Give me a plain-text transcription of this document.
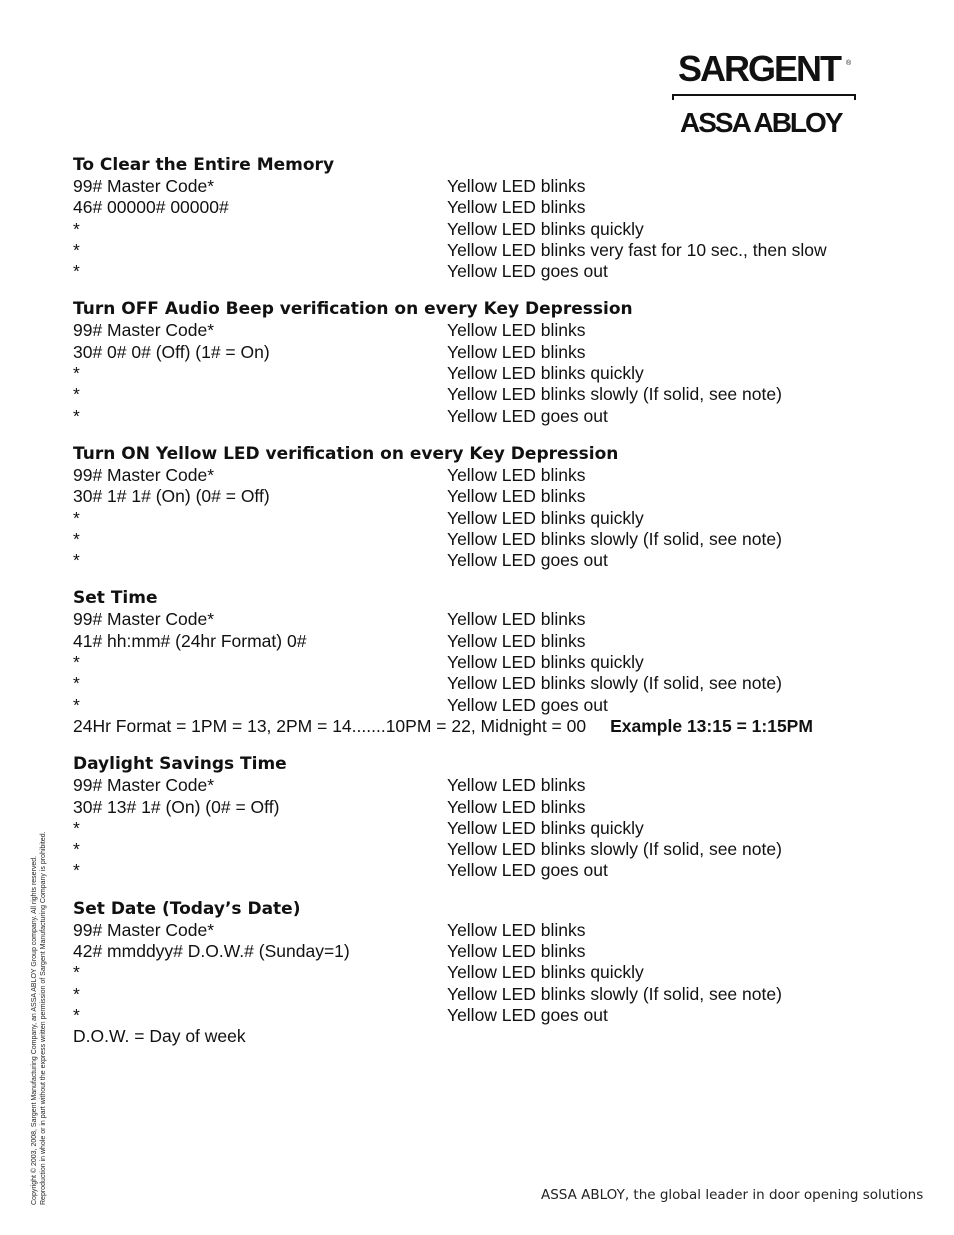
SARGENT ®
ASSA ABLOY
To Clear the Entire Memory
99# Master Code*	Yellow LED blinks
46# 00000# 00000#	Yellow LED blinks
*	Yellow LED blinks quickly
*	Yellow LED blinks very fast for 10 sec., then slow
*	Yellow LED goes out
Turn OFF Audio Beep verification on every Key Depression
99# Master Code*	Yellow LED blinks
30# 0# 0# (Off) (1# = On)	Yellow LED blinks
*	Yellow LED blinks quickly
*	Yellow LED blinks slowly (If solid, see note)
*	Yellow LED goes out
Turn ON Yellow LED verification on every Key Depression
99# Master Code*	Yellow LED blinks
30# 1# 1# (On) (0# = Off)	Yellow LED blinks
*	Yellow LED blinks quickly
*	Yellow LED blinks slowly (If solid, see note)
*	Yellow LED goes out
Set Time
99# Master Code*	Yellow LED blinks
41# hh:mm# (24hr Format) 0#	Yellow LED blinks
*	Yellow LED blinks quickly
*	Yellow LED blinks slowly (If solid, see note)
*	Yellow LED goes out
24Hr Format = 1PM = 13, 2PM = 14.......10PM = 22, Midnight = 00 Example 13:15 = 1:15PM
Daylight Savings Time
99# Master Code*	Yellow LED blinks
30# 13# 1# (On) (0# = Off)	Yellow LED blinks
*	Yellow LED blinks quickly
*	Yellow LED blinks slowly (If solid, see note)
*	Yellow LED goes out
Set Date (Today’s Date)
99# Master Code*	Yellow LED blinks
42# mmddyy# D.O.W.# (Sunday=1)	Yellow LED blinks
*	Yellow LED blinks quickly
*	Yellow LED blinks slowly (If solid, see note)
*	Yellow LED goes out
D.O.W. = Day of week
Copyright © 2003, 2008, Sargent Manufacturing Company, an ASSA ABLOY Group company. All rights reserved. Reproduction in whole or in part without the express written permission of Sargent Manufacturing Company is prohibited.	ASSA ABLOY, the global leader in door opening solutions
